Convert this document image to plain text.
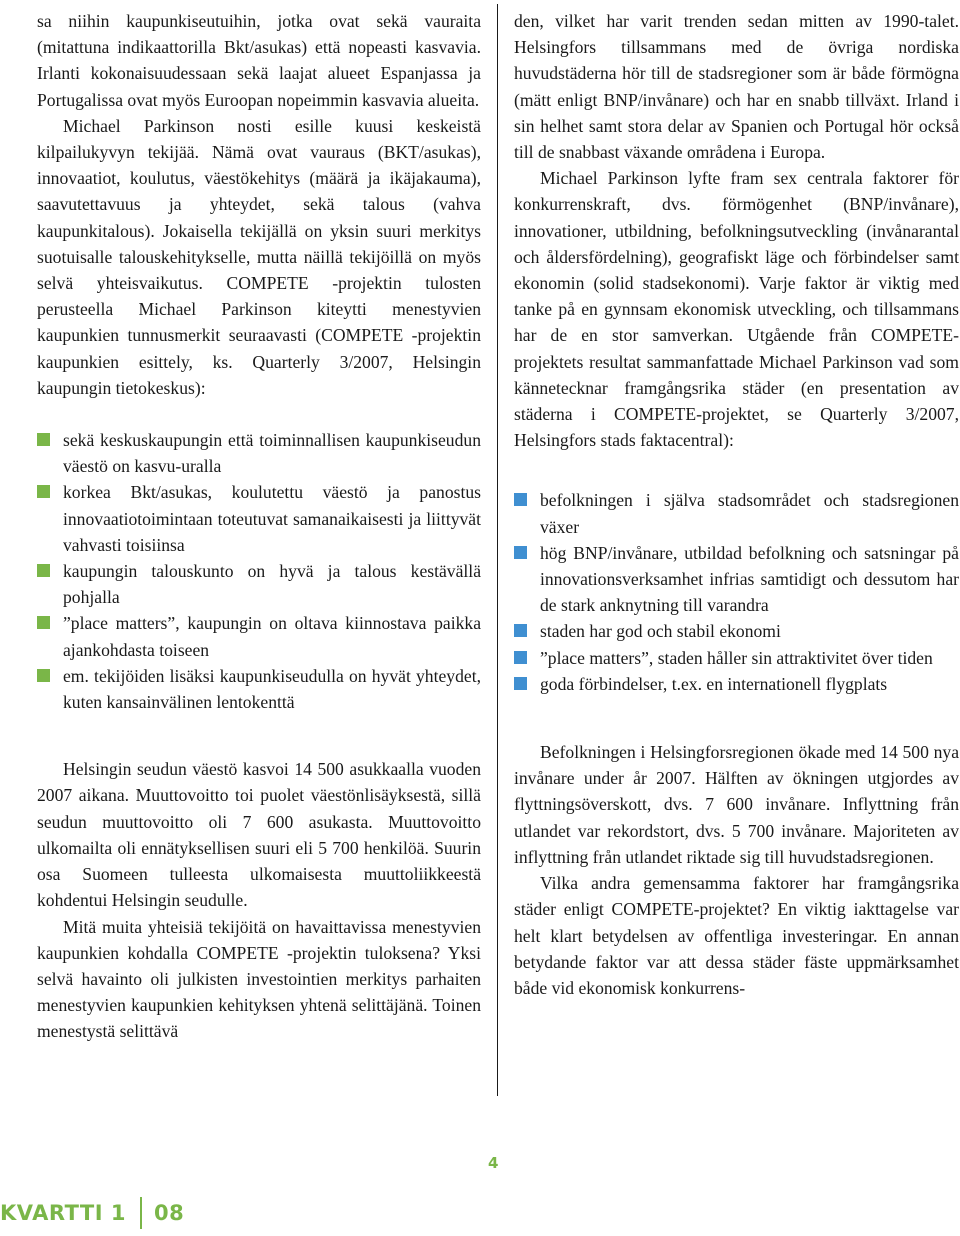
sa niihin kaupunkiseutuihin, jotka ovat sekä vauraita (mitattuna indikaattorilla Bkt/asukas) että nopeasti kasvavia. Irlanti kokonaisuudessaan sekä laajat alueet Espanjassa ja Portugalissa ovat myös Euroopan nopeimmin kasvavia alueita.

Michael Parkinson nosti esille kuusi keskeistä kilpailukyvyn tekijää. Nämä ovat vauraus (BKT/asukas), innovaatiot, koulutus, väestökehitys (määrä ja ikäjakauma), saavutettavuus ja yhteydet, sekä talous (vahva kaupunkitalous). Jokaisella tekijällä on yksin suuri merkitys suotuisalle talouskehitykselle, mutta näillä tekijöillä on myös selvä yhteisvaikutus. COMPETE -projektin tulosten perusteella Michael Parkinson kiteytti menestyvien kaupunkien tunnusmerkit seuraavasti (COMPETE -projektin kaupunkien esittely, ks. Quarterly 3/2007, Helsingin kaupungin tietokeskus):

sekä keskuskaupungin että toiminnallisen kaupunkiseudun väestö on kasvu-uralla
korkea Bkt/asukas, koulutettu väestö ja panostus innovaatiotoimintaan toteutuvat samanaikaisesti ja liittyvät vahvasti toisiinsa
kaupungin talouskunto on hyvä ja talous kestävällä pohjalla
”place matters”, kaupungin on oltava kiinnostava paikka ajankohdasta toiseen
em. tekijöiden lisäksi kaupunkiseudulla on hyvät yhteydet, kuten kansainvälinen lentokenttä

Helsingin seudun väestö kasvoi 14 500 asukkaalla vuoden 2007 aikana. Muuttovoitto toi puolet väestönlisäyksestä, sillä seudun muuttovoitto oli 7 600 asukasta. Muuttovoitto ulkomailta oli ennätyksellisen suuri eli 5 700 henkilöä. Suurin osa Suomeen tulleesta ulkomaisesta muuttoliikkeestä kohdentui Helsingin seudulle.

Mitä muita yhteisiä tekijöitä on havaittavissa menestyvien kaupunkien kohdalla COMPETE -projektin tuloksena? Yksi selvä havainto oli julkisten investointien merkitys parhaiten menestyvien kaupunkien kehityksen yhtenä selittäjänä. Toinen menestystä selittävä

den, vilket har varit trenden sedan mitten av 1990-talet. Helsingfors tillsammans med de övriga nordiska huvudstäderna hör till de stadsregioner som är både förmögna (mätt enligt BNP/invånare) och har en snabb tillväxt. Irland i sin helhet samt stora delar av Spanien och Portugal hör också till de snabbast växande områdena i Europa.

Michael Parkinson lyfte fram sex centrala faktorer för konkurrenskraft, dvs. förmögenhet (BNP/invånare), innovationer, utbildning, befolkningsutveckling (invånarantal och åldersfördelning), geografiskt läge och förbindelser samt ekonomin (solid stadsekonomi). Varje faktor är viktig med tanke på en gynnsam ekonomisk utveckling, och tillsammans har de en stor samverkan. Utgående från COMPETE-projektets resultat sammanfattade Michael Parkinson vad som kännetecknar framgångsrika städer (en presentation av städerna i COMPETE-projektet, se Quarterly 3/2007, Helsingfors stads faktacentral):

befolkningen i själva stadsområdet och stadsregionen växer
hög BNP/invånare, utbildad befolkning och satsningar på innovationsverksamhet infrias samtidigt och dessutom har de stark anknytning till varandra
staden har god och stabil ekonomi
”place matters”, staden håller sin attraktivitet över tiden
goda förbindelser, t.ex. en internationell flygplats

Befolkningen i Helsingforsregionen ökade med 14 500 nya invånare under år 2007. Hälften av ökningen utgjordes av flyttningsöverskott, dvs. 7 600 invånare. Inflyttning från utlandet var rekordstort, dvs. 5 700 invånare. Majoriteten av inflyttning från utlandet riktade sig till huvudstadsregionen.

Vilka andra gemensamma faktorer har framgångsrika städer enligt COMPETE-projektet? En viktig iakttagelse var helt klart betydelsen av offentliga investeringar. En annan betydande faktor var att dessa städer fäste uppmärksamhet både vid ekonomisk konkurrens-

4
KVARTTI
1 08
